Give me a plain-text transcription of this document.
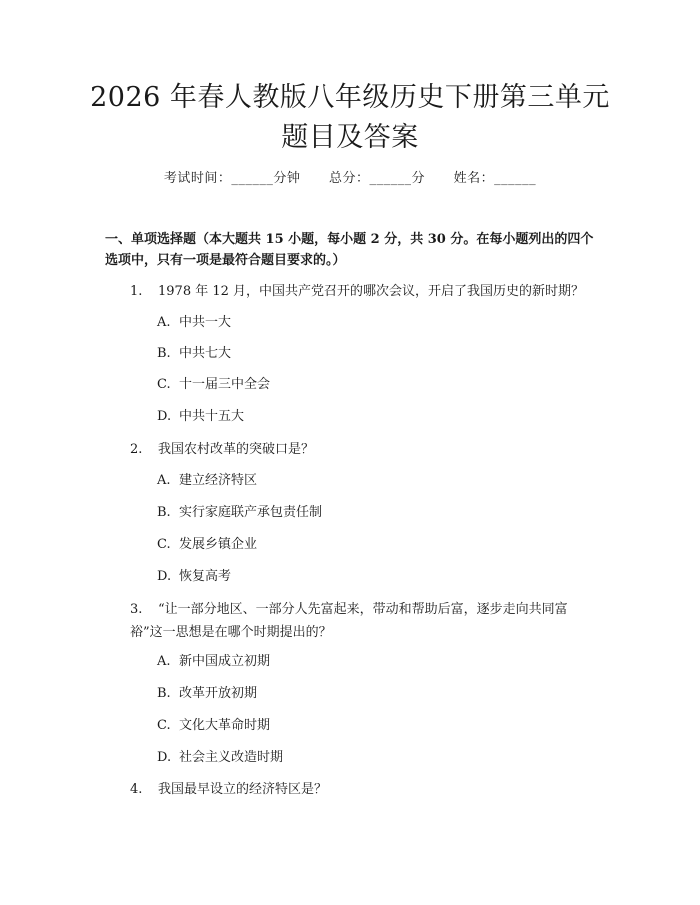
2026 年春人教版八年级历史下册第三单元题目及答案
考试时间：______分钟 总分：______分 姓名：______

一、单项选择题（本大题共 15 小题，每小题 2 分，共 30 分。在每小题列出的四个选项中，只有一项是最符合题目要求的。）

1. 1978 年 12 月，中国共产党召开的哪次会议，开启了我国历史的新时期？
A. 中共一大
B. 中共七大
C. 十一届三中全会
D. 中共十五大
2. 我国农村改革的突破口是？
A. 建立经济特区
B. 实行家庭联产承包责任制
C. 发展乡镇企业
D. 恢复高考
3. “让一部分地区、一部分人先富起来，带动和帮助后富，逐步走向共同富裕”这一思想是在哪个时期提出的？
A. 新中国成立初期
B. 改革开放初期
C. 文化大革命时期
D. 社会主义改造时期
4. 我国最早设立的经济特区是？
